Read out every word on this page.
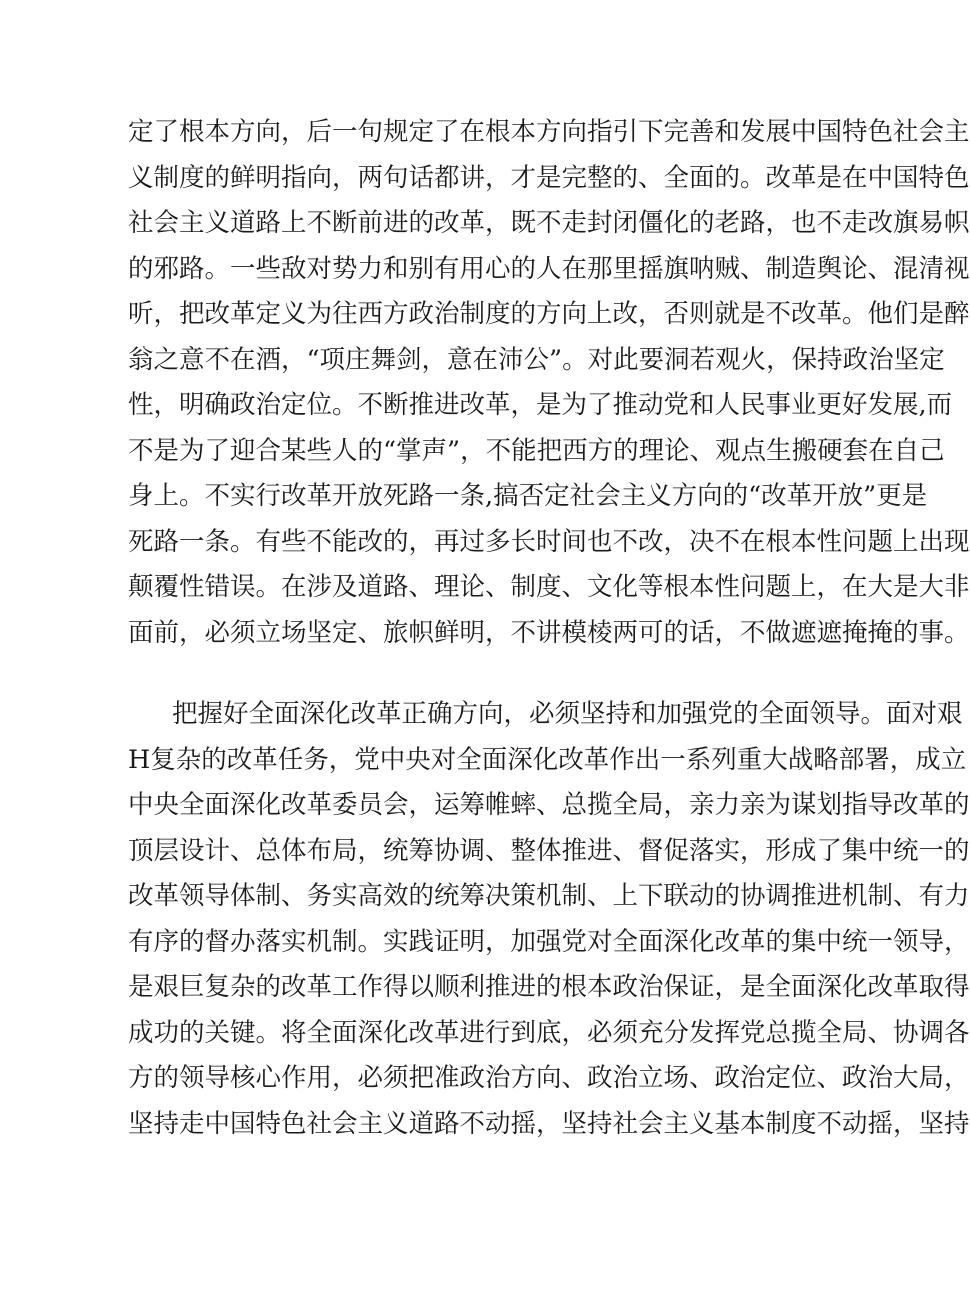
定了根本方向，后一句规定了在根本方向指引下完善和发展中国特色社会主
义制度的鲜明指向，两句话都讲，才是完整的、全面的。改革是在中国特色
社会主义道路上不断前进的改革，既不走封闭僵化的老路，也不走改旗易帜
的邪路。一些敌对势力和别有用心的人在那里摇旗呐贼、制造舆论、混清视
听，把改革定义为往西方政治制度的方向上改，否则就是不改革。他们是醉
翁之意不在酒，“项庄舞剑，意在沛公”。对此要洞若观火，保持政治坚定
性，明确政治定位。不断推进改革，是为了推动党和人民事业更好发展,而
不是为了迎合某些人的“掌声”，不能把西方的理论、观点生搬硬套在自己
身上。不实行改革开放死路一条,搞否定社会主义方向的“改革开放”更是
死路一条。有些不能改的，再过多长时间也不改，决不在根本性问题上出现
颠覆性错误。在涉及道路、理论、制度、文化等根本性问题上，在大是大非
面前，必须立场坚定、旅帜鲜明，不讲模棱两可的话，不做遮遮掩掩的事。
把握好全面深化改革正确方向，必须坚持和加强党的全面领导。面对艰
H复杂的改革任务，党中央对全面深化改革作出一系列重大战略部署，成立
中央全面深化改革委员会，运筹帷蟀、总揽全局，亲力亲为谋划指导改革的
顶层设计、总体布局，统筹协调、整体推进、督促落实，形成了集中统一的
改革领导体制、务实高效的统筹决策机制、上下联动的协调推进机制、有力
有序的督办落实机制。实践证明，加强党对全面深化改革的集中统一领导，
是艰巨复杂的改革工作得以顺利推进的根本政治保证，是全面深化改革取得
成功的关键。将全面深化改革进行到底，必须充分发挥党总揽全局、协调各
方的领导核心作用，必须把准政治方向、政治立场、政治定位、政治大局，
坚持走中国特色社会主义道路不动摇，坚持社会主义基本制度不动摇，坚持
